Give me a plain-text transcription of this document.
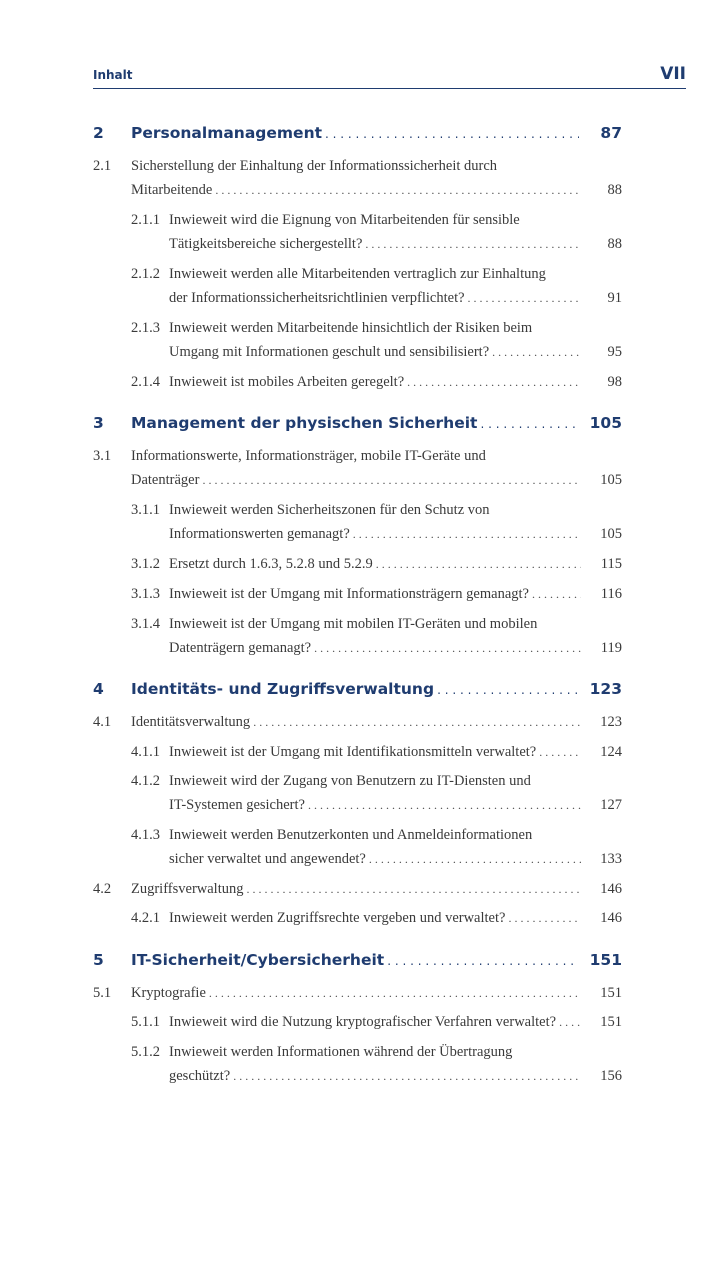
Inhalt	VII
2 Personalmanagement . . .	87
2.1 Sicherstellung der Einhaltung der Informationssicherheit durch
Mitarbeitende . . .	88
2.1.1 Inwieweit wird die Eignung von Mitarbeitenden für sensible
Tätigkeitsbereiche sichergestellt? . . .	88
2.1.2 Inwieweit werden alle Mitarbeitenden vertraglich zur Einhaltung
der Informationssicherheitsrichtlinien verpflichtet? . . .	91
2.1.3 Inwieweit werden Mitarbeitende hinsichtlich der Risiken beim
Umgang mit Informationen geschult und sensibilisiert? . . .	95
2.1.4 Inwieweit ist mobiles Arbeiten geregelt? . . .	98
3 Management der physischen Sicherheit . . .	105
3.1 Informationswerte, Informationsträger, mobile IT-Geräte und
Datenträger . . .	105
3.1.1 Inwieweit werden Sicherheitszonen für den Schutz von
Informationswerten gemanagt? . . .	105
3.1.2 Ersetzt durch 1.6.3, 5.2.8 und 5.2.9 . . .	115
3.1.3 Inwieweit ist der Umgang mit Informationsträgern gemanagt? . . .	116
3.1.4 Inwieweit ist der Umgang mit mobilen IT-Geräten und mobilen
Datenträgern gemanagt? . . .	119
4 Identitäts- und Zugriffsverwaltung . . .	123
4.1 Identitätsverwaltung . . .	123
4.1.1 Inwieweit ist der Umgang mit Identifikationsmitteln verwaltet? . . .	124
4.1.2 Inwieweit wird der Zugang von Benutzern zu IT-Diensten und
IT-Systemen gesichert? . . .	127
4.1.3 Inwieweit werden Benutzerkonten und Anmeldeinformationen
sicher verwaltet und angewendet? . . .	133
4.2 Zugriffsverwaltung . . .	146
4.2.1 Inwieweit werden Zugriffsrechte vergeben und verwaltet? . . .	146
5 IT-Sicherheit/Cybersicherheit . . .	151
5.1 Kryptografie . . .	151
5.1.1 Inwieweit wird die Nutzung kryptografischer Verfahren verwaltet? . . .	151
5.1.2 Inwieweit werden Informationen während der Übertragung
geschützt? . . .	156
